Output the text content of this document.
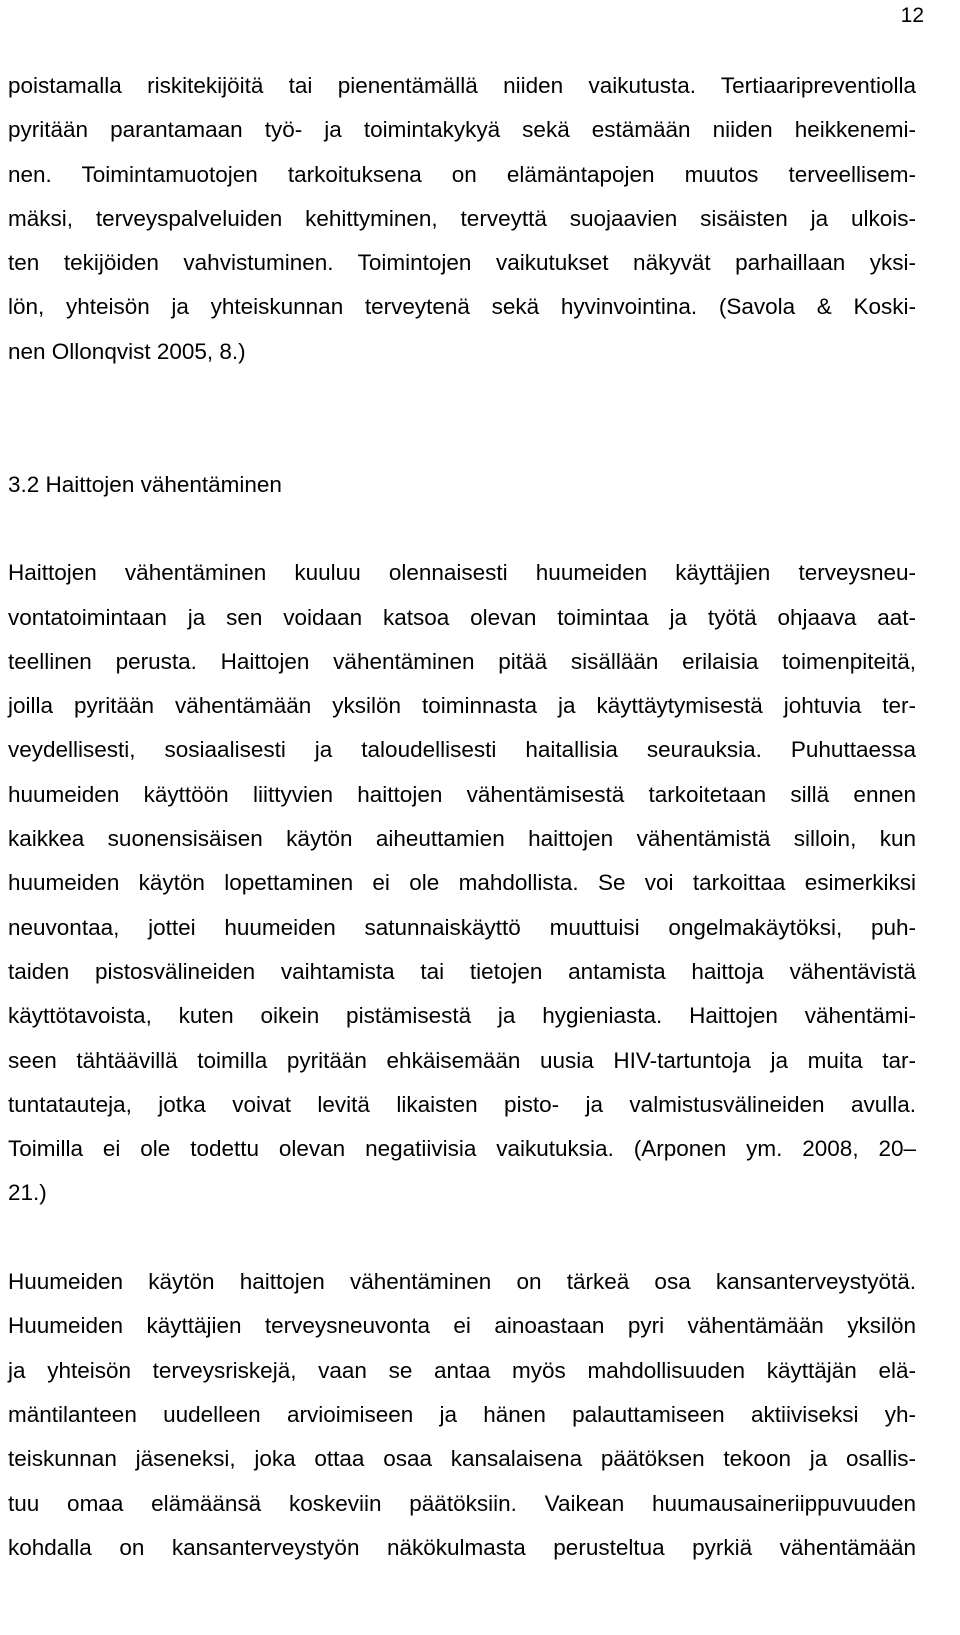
12
poistamalla riskitekijöitä tai pienentämällä niiden vaikutusta. Tertiaaripreventiolla
pyritään parantamaan työ- ja toimintakykyä sekä estämään niiden heikkenemi-
nen. Toimintamuotojen tarkoituksena on elämäntapojen muutos terveellisem-
mäksi, terveyspalveluiden kehittyminen, terveyttä suojaavien sisäisten ja ulkois-
ten tekijöiden vahvistuminen. Toimintojen vaikutukset näkyvät parhaillaan yksi-
lön, yhteisön ja yhteiskunnan terveytenä sekä hyvinvointina. (Savola & Koski-
nen Ollonqvist 2005, 8.)
3.2 Haittojen vähentäminen
Haittojen vähentäminen kuuluu olennaisesti huumeiden käyttäjien terveysneu-
vontatoimintaan ja sen voidaan katsoa olevan toimintaa ja työtä ohjaava aat-
teellinen perusta. Haittojen vähentäminen pitää sisällään erilaisia toimenpiteitä,
joilla pyritään vähentämään yksilön toiminnasta ja käyttäytymisestä johtuvia ter-
veydellisesti, sosiaalisesti ja taloudellisesti haitallisia seurauksia. Puhuttaessa
huumeiden käyttöön liittyvien haittojen vähentämisestä tarkoitetaan sillä ennen
kaikkea suonensisäisen käytön aiheuttamien haittojen vähentämistä silloin, kun
huumeiden käytön lopettaminen ei ole mahdollista. Se voi tarkoittaa esimerkiksi
neuvontaa, jottei huumeiden satunnaiskäyttö muuttuisi ongelmakäytöksi, puh-
taiden pistosvälineiden vaihtamista tai tietojen antamista haittoja vähentävistä
käyttötavoista, kuten oikein pistämisestä ja hygieniasta. Haittojen vähentämi-
seen tähtäävillä toimilla pyritään ehkäisemään uusia HIV-tartuntoja ja muita tar-
tuntatauteja, jotka voivat levitä likaisten pisto- ja valmistusvälineiden avulla.
Toimilla ei ole todettu olevan negatiivisia vaikutuksia. (Arponen ym. 2008, 20–
21.)
Huumeiden käytön haittojen vähentäminen on tärkeä osa kansanterveystyötä.
Huumeiden käyttäjien terveysneuvonta ei ainoastaan pyri vähentämään yksilön
ja yhteisön terveysriskejä, vaan se antaa myös mahdollisuuden käyttäjän elä-
mäntilanteen uudelleen arvioimiseen ja hänen palauttamiseen aktiiviseksi yh-
teiskunnan jäseneksi, joka ottaa osaa kansalaisena päätöksen tekoon ja osallis-
tuu omaa elämäänsä koskeviin päätöksiin. Vaikean huumausaineriippuvuuden
kohdalla on kansanterveystyön näkökulmasta perusteltua pyrkiä vähentämään
